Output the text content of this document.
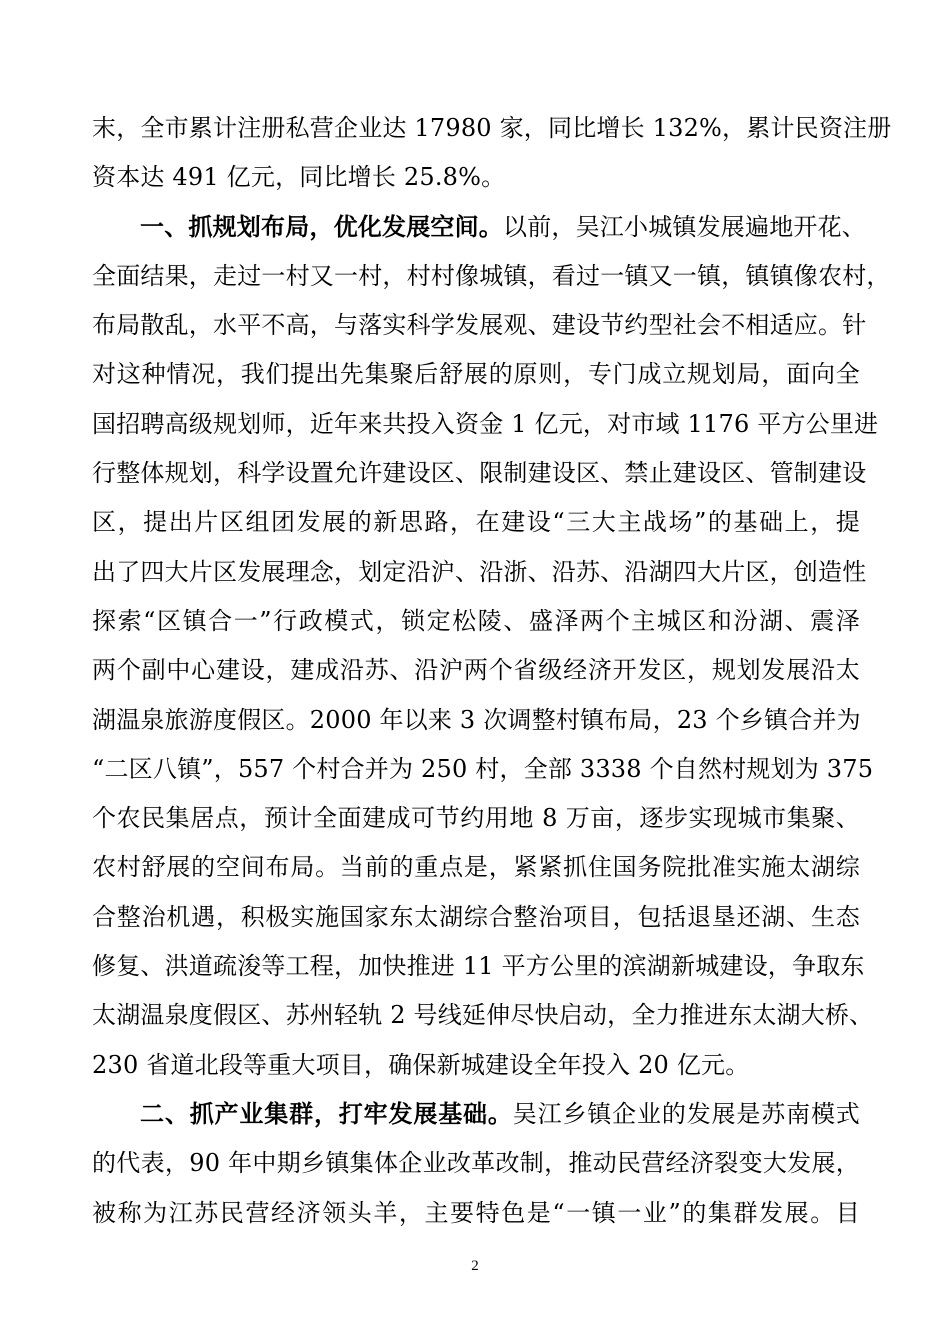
末，全市累计注册私营企业达 17980 家，同比增长 132%，累计民资注册
资本达 491 亿元，同比增长 25.8%。
一、抓规划布局，优化发展空间。以前，吴江小城镇发展遍地开花、
全面结果，走过一村又一村，村村像城镇，看过一镇又一镇，镇镇像农村，
布局散乱，水平不高，与落实科学发展观、建设节约型社会不相适应。针
对这种情况，我们提出先集聚后舒展的原则，专门成立规划局，面向全
国招聘高级规划师，近年来共投入资金 1 亿元，对市域 1176 平方公里进
行整体规划，科学设置允许建设区、限制建设区、禁止建设区、管制建设
区，提出片区组团发展的新思路，在建设“三大主战场”的基础上，提
出了四大片区发展理念，划定沿沪、沿浙、沿苏、沿湖四大片区，创造性
探索“区镇合一”行政模式，锁定松陵、盛泽两个主城区和汾湖、震泽
两个副中心建设，建成沿苏、沿沪两个省级经济开发区，规划发展沿太
湖温泉旅游度假区。2000 年以来 3 次调整村镇布局，23 个乡镇合并为
“二区八镇”，557 个村合并为 250 村，全部 3338 个自然村规划为 375
个农民集居点，预计全面建成可节约用地 8 万亩，逐步实现城市集聚、
农村舒展的空间布局。当前的重点是，紧紧抓住国务院批准实施太湖综
合整治机遇，积极实施国家东太湖综合整治项目，包括退垦还湖、生态
修复、洪道疏浚等工程，加快推进 11 平方公里的滨湖新城建设，争取东
太湖温泉度假区、苏州轻轨 2 号线延伸尽快启动，全力推进东太湖大桥、
230 省道北段等重大项目，确保新城建设全年投入 20 亿元。
二、抓产业集群，打牢发展基础。吴江乡镇企业的发展是苏南模式
的代表，90 年中期乡镇集体企业改革改制，推动民营经济裂变大发展，
被称为江苏民营经济领头羊，主要特色是“一镇一业”的集群发展。目
2
